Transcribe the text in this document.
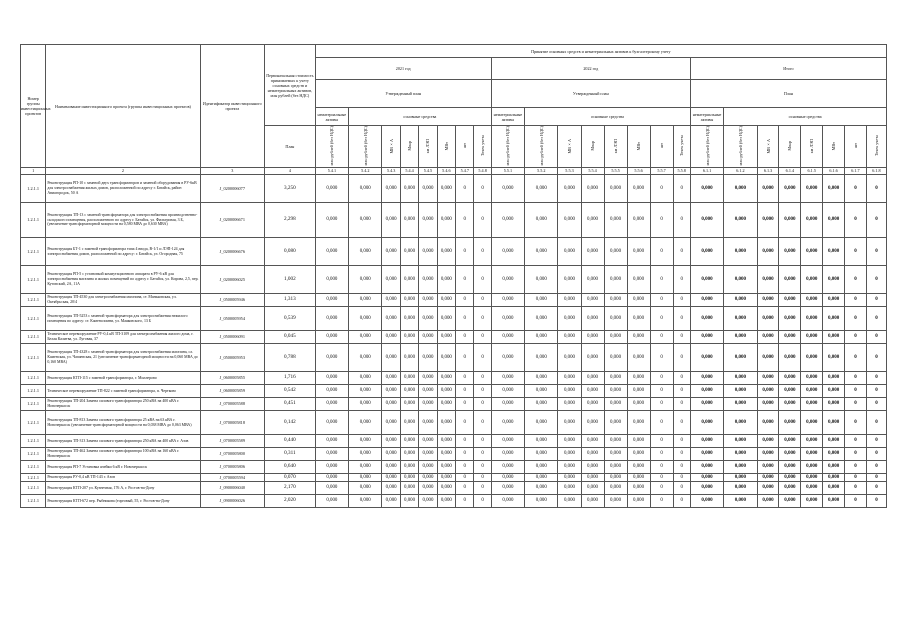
Номер группы инвестиционных проектов	Наименование инвестиционного проекта (группы инвестиционных проектов)	Идентификатор инвестиционного проекта	Первоначальная стоимость принимаемых к учету основных средств и нематериальных активов, млн рублей (без НДС)	Принятие основных средств и нематериальных активов к бухгалтерскому учету																							
				2021 год								2022 год								Итого							
				Утвержденный план								Утвержденный план								План							
				нематериальные активы	основные средства							нематериальные активы	основные средства							нематериальные активы	основные средства						
			План	млн рублей (без НДС)	млн рублей (без НДС)	МВ×А	Мвар	км ЛЭП	МВт	шт	Точек учета	млн рублей (без НДС)	млн рублей (без НДС)	МВ×А	Мвар	км ЛЭП	МВт	шт	Точек учета	млн рублей (без НДС)	млн рублей (без НДС)	МВ×А	Мвар	км ЛЭП	МВт	шт	Точек учета
1	2	3	4	5.4.1	5.4.2	5.4.3	5.4.4	5.4.5	5.4.6	5.4.7	5.4.8	5.5.1	5.5.2	5.5.3	5.5.4	5.5.5	5.5.6	5.5.7	5.5.8	6.1.1	6.1.2	6.1.3	6.1.4	6.1.5	6.1.6	6.1.7	6.1.8
1.2.1.1	Реконструкция РП-10 с заменой двух трансформаторов и заменой оборудования в РУ-6кВ для электроснабжения жилых домов, расположенной по адресу г. Батайск, район Авиагородок, 50 А	J_0200006077	3,250	0,000	0,000	0,000	0,000	0,000	0,000	0	0	0,000	0,000	0,000	0,000	0,000	0,000	0	0	0,000	0,000	0,000	0,000	0,000	0,000	0	0
1.2.1.1	Реконструкция ТП-13 с заменой трансформатора для электроснабжения производственно-складского помещения, расположенного по адресу г. Батайск, ул. Фильтровая, 3 Б, (увеличение трансформаторной мощности на 0,580 МВА до 0,630 МВА)	J_0200006671	2,298	0,000	0,000	0,000	0,000	0,000	0,000	0	0	0,000	0,000	0,000	0,000	0,000	0,000	0	0	0,000	0,000	0,000	0,000	0,000	0,000	0	0
1.2.1.1	Реконструкция БТ-1 с заменой трансформатора типа 4 ввода, В-1/1 и ЛЭП-124 для электроснабжения домов, расположенной по адресу: г. Батайск, ул. Огородная, 75	J_0200006676	0,080	0,000	0,000	0,000	0,000	0,000	0,000	0	0	0,000	0,000	0,000	0,000	0,000	0,000	0	0	0,000	0,000	0,000	0,000	0,000	0,000	0	0
1.2.1.1	Реконструкция РП-5 с установкой коммутационного аппарата в РУ-6 кВ для электроснабжения магазина и жилых помещений по адресу г. Батайск, ул. Кирова, 2,5, пер. Кутовский, 2А, 11А	J_0200006025	1,002	0,000	0,000	0,000	0,000	0,000	0,000	0	0	0,000	0,000	0,000	0,000	0,000	0,000	0	0	0,000	0,000	0,000	0,000	0,000	0,000	0	0
1.2.1.1	Реконструкция ТП-4530 для электроснабжения магазина, ст. Маньковская, ул. Октябрьская, 20/4	J_0500005946	1,313	0,000	0,000	0,000	0,000	0,000	0,000	0	0	0,000	0,000	0,000	0,000	0,000	0,000	0	0	0,000	0,000	0,000	0,000	0,000	0,000	0	0
1.2.1.1	Реконструкция ТП-5253 с заменой трансформатора для электроснабжения нежилого помещения по адресу: ст. Каменоломни, ул. Маяковского, 13 Б	J_0500005954	0,539	0,000	0,000	0,000	0,000	0,000	0,000	0	0	0,000	0,000	0,000	0,000	0,000	0,000	0	0	0,000	0,000	0,000	0,000	0,000	0,000	0	0
1.2.1.1	Техническое перевооружение РУ-0,4 кВ ТП-3109 для электроснабжения жилого дома, г. Белая Калитва, ул. Луговая, 37	J_0500006091	0,045	0,000	0,000	0,000	0,000	0,000	0,000	0	0	0,000	0,000	0,000	0,000	0,000	0,000	0	0	0,000	0,000	0,000	0,000	0,000	0,000	0	0
1.2.1.1	Реконструкция ТП-4328 с заменой трансформатора для электроснабжения магазина, сл. Каменская, ул. Чапаевская, 21 (увеличение трансформаторной мощности на 0,060 МВА до 0,160 МВА)	J_0500005953	0,788	0,000	0,000	0,000	0,000	0,000	0,000	0	0	0,000	0,000	0,000	0,000	0,000	0,000	0	0	0,000	0,000	0,000	0,000	0,000	0,000	0	0
1.2.1.1	Реконструкция КТП-115 с заменой трансформатора, г. Миллерово	J_0600005855	1,716	0,000	0,000	0,000	0,000	0,000	0,000	0	0	0,000	0,000	0,000	0,000	0,000	0,000	0	0	0,000	0,000	0,000	0,000	0,000	0,000	0	0
1.2.1.1	Техническое перевооружение ТП-822 с заменой трансформатора, п. Чертково	J_0600005859	0,542	0,000	0,000	0,000	0,000	0,000	0,000	0	0	0,000	0,000	0,000	0,000	0,000	0,000	0	0	0,000	0,000	0,000	0,000	0,000	0,000	0	0
1.2.1.1	Реконструкция ТП-204 Замена силового трансформатора 250 кВА на 400 кВА г. Новочеркасск	J_0700005588	0,451	0,000	0,000	0,000	0,000	0,000	0,000	0	0	0,000	0,000	0,000	0,000	0,000	0,000	0	0	0,000	0,000	0,000	0,000	0,000	0,000	0	0
1.2.1.1	Реконструкция ТП-813 Замена силового трансформатора 25 кВА на 63 кВА г. Новочеркасск (увеличение трансформаторной мощности на 0,038 МВА до 0,063 МВА)	J_0700005818	0,142	0,000	0,000	0,000	0,000	0,000	0,000	0	0	0,000	0,000	0,000	0,000	0,000	0,000	0	0	0,000	0,000	0,000	0,000	0,000	0,000	0	0
1.2.1.1	Реконструкция ТП-313 Замена силового трансформатора 250 кВА на 400 кВА г. Азов	J_0700005589	0,440	0,000	0,000	0,000	0,000	0,000	0,000	0	0	0,000	0,000	0,000	0,000	0,000	0,000	0	0	0,000	0,000	0,000	0,000	0,000	0,000	0	0
1.2.1.1	Реконструкция ТП-462 Замена силового трансформатора 100 кВА на 160 кВА г. Новочеркасск	J_0700005800	0,311	0,000	0,000	0,000	0,000	0,000	0,000	0	0	0,000	0,000	0,000	0,000	0,000	0,000	0	0	0,000	0,000	0,000	0,000	0,000	0,000	0	0
1.2.1.1	Реконструкция РП-7 Установка ячейки 6 кВ г. Новочеркасск	J_0700005806	0,640	0,000	0,000	0,000	0,000	0,000	0,000	0	0	0,000	0,000	0,000	0,000	0,000	0,000	0	0	0,000	0,000	0,000	0,000	0,000	0,000	0	0
1.2.1.1	Реконструкция РУ-0,4 кВ ТП-143 г. Азов	J_0700005594	0,070	0,000	0,000	0,000	0,000	0,000	0,000	0	0	0,000	0,000	0,000	0,000	0,000	0,000	0	0	0,000	0,000	0,000	0,000	0,000	0,000	0	0
1.2.1.1	Реконструкция КТП-207 ул. Кузнечная, 176 А, г. Ростов-на-Дону	J_0900006040	2,170	0,000	0,000	0,000	0,000	0,000	0,000	0	0	0,000	0,000	0,000	0,000	0,000	0,000	0	0	0,000	0,000	0,000	0,000	0,000	0,000	0	0
1.2.1.1	Реконструкция КТП-672 пер. Рыбникова (торговый, 55, г. Ростов-на-Дону	J_0900006026	2,020	0,000	0,000	0,000	0,000	0,000	0,000	0	0	0,000	0,000	0,000	0,000	0,000	0,000	0	0	0,000	0,000	0,000	0,000	0,000	0,000	0	0
